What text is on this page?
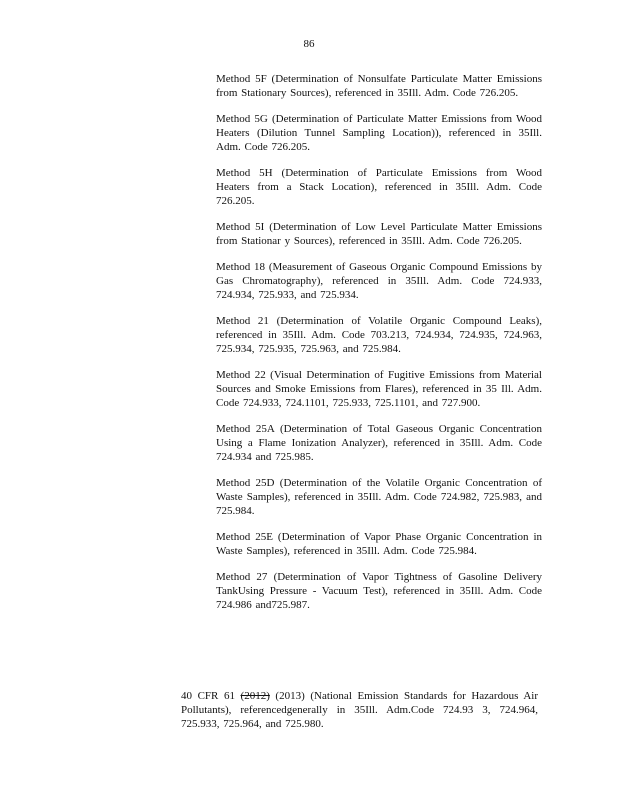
86

Method 5F (Determination of Nonsulfate Particulate Matter Emissions from Stationary Sources), referenced in 35Ill. Adm. Code 726.205.

Method 5G (Determination of Particulate Matter Emissions from Wood Heaters (Dilution Tunnel Sampling Location)), referenced in 35Ill. Adm. Code 726.205.

Method 5H (Determination of Particulate Emissions from Wood Heaters from a Stack Location), referenced in 35Ill. Adm. Code 726.205.

Method 5I (Determination of Low Level Particulate Matter Emissions from Stationar y Sources), referenced in 35Ill. Adm. Code 726.205.

Method 18 (Measurement of Gaseous Organic Compound Emissions by Gas Chromatography), referenced in 35Ill. Adm. Code 724.933, 724.934, 725.933, and 725.934.

Method 21 (Determination of Volatile Organic Compound Leaks), referenced in 35Ill. Adm. Code 703.213, 724.934, 724.935, 724.963, 725.934, 725.935, 725.963, and 725.984.

Method 22 (Visual Determination of Fugitive Emissions from Material Sources and Smoke Emissions from Flares), referenced in 35 Ill. Adm. Code 724.933, 724.1101, 725.933, 725.1101, and 727.900.

Method 25A (Determination of Total Gaseous Organic Concentration Using a Flame Ionization Analyzer), referenced in 35Ill. Adm. Code 724.934 and 725.985.

Method 25D (Determination of the Volatile Organic Concentration of Waste Samples), referenced in 35Ill. Adm. Code 724.982, 725.983, and 725.984.

Method 25E (Determination of Vapor Phase Organic Concentration in Waste Samples), referenced in 35Ill. Adm. Code 725.984.

Method 27 (Determination of Vapor Tightness of Gasoline Delivery TankUsing Pressure - Vacuum Test), referenced in 35Ill. Adm. Code 724.986 and725.987.

40 CFR 61 (2012) (2013) (National Emission Standards for Hazardous Air Pollutants), referencedgenerally in 35Ill. Adm.Code 724.93 3, 724.964, 725.933, 725.964, and 725.980.
